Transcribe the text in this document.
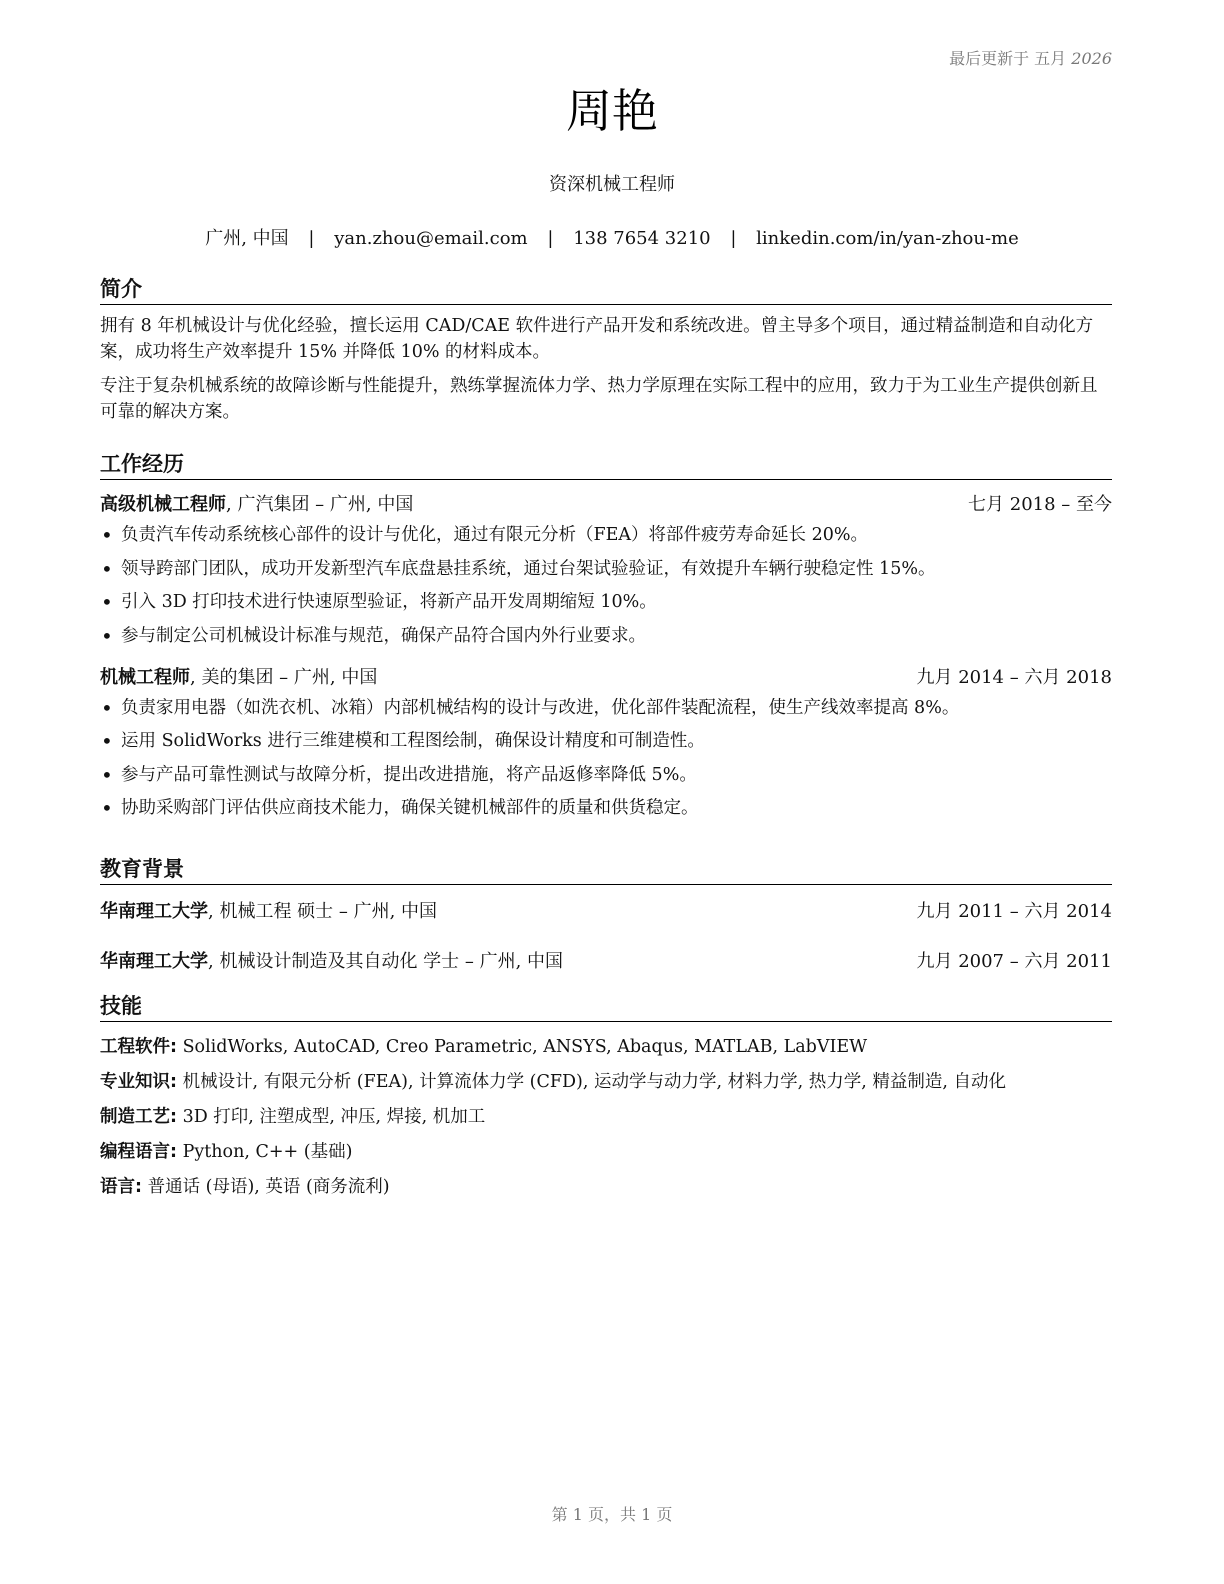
最后更新于 五月 2026
周艳
资深机械工程师
广州, 中国 | yan.zhou@email.com | 138 7654 3210 | linkedin.com/in/yan-zhou-me
简介
拥有 8 年机械设计与优化经验，擅长运用 CAD/CAE 软件进行产品开发和系统改进。曾主导多个项目，通过精益制造和自动化方案，成功将生产效率提升 15% 并降低 10% 的材料成本。
专注于复杂机械系统的故障诊断与性能提升，熟练掌握流体力学、热力学原理在实际工程中的应用，致力于为工业生产提供创新且可靠的解决方案。
工作经历
高级机械工程师, 广汽集团 – 广州, 中国	七月 2018 – 至今
• 负责汽车传动系统核心部件的设计与优化，通过有限元分析（FEA）将部件疲劳寿命延长 20%。
• 领导跨部门团队，成功开发新型汽车底盘悬挂系统，通过台架试验验证，有效提升车辆行驶稳定性 15%。
• 引入 3D 打印技术进行快速原型验证，将新产品开发周期缩短 10%。
• 参与制定公司机械设计标准与规范，确保产品符合国内外行业要求。
机械工程师, 美的集团 – 广州, 中国	九月 2014 – 六月 2018
• 负责家用电器（如洗衣机、冰箱）内部机械结构的设计与改进，优化部件装配流程，使生产线效率提高 8%。
• 运用 SolidWorks 进行三维建模和工程图绘制，确保设计精度和可制造性。
• 参与产品可靠性测试与故障分析，提出改进措施，将产品返修率降低 5%。
• 协助采购部门评估供应商技术能力，确保关键机械部件的质量和供货稳定。
教育背景
华南理工大学, 机械工程 硕士 – 广州, 中国	九月 2011 – 六月 2014
华南理工大学, 机械设计制造及其自动化 学士 – 广州, 中国	九月 2007 – 六月 2011
技能
工程软件: SolidWorks, AutoCAD, Creo Parametric, ANSYS, Abaqus, MATLAB, LabVIEW
专业知识: 机械设计, 有限元分析 (FEA), 计算流体力学 (CFD), 运动学与动力学, 材料力学, 热力学, 精益制造, 自动化
制造工艺: 3D 打印, 注塑成型, 冲压, 焊接, 机加工
编程语言: Python, C++ (基础)
语言: 普通话 (母语), 英语 (商务流利)
第 1 页，共 1 页
